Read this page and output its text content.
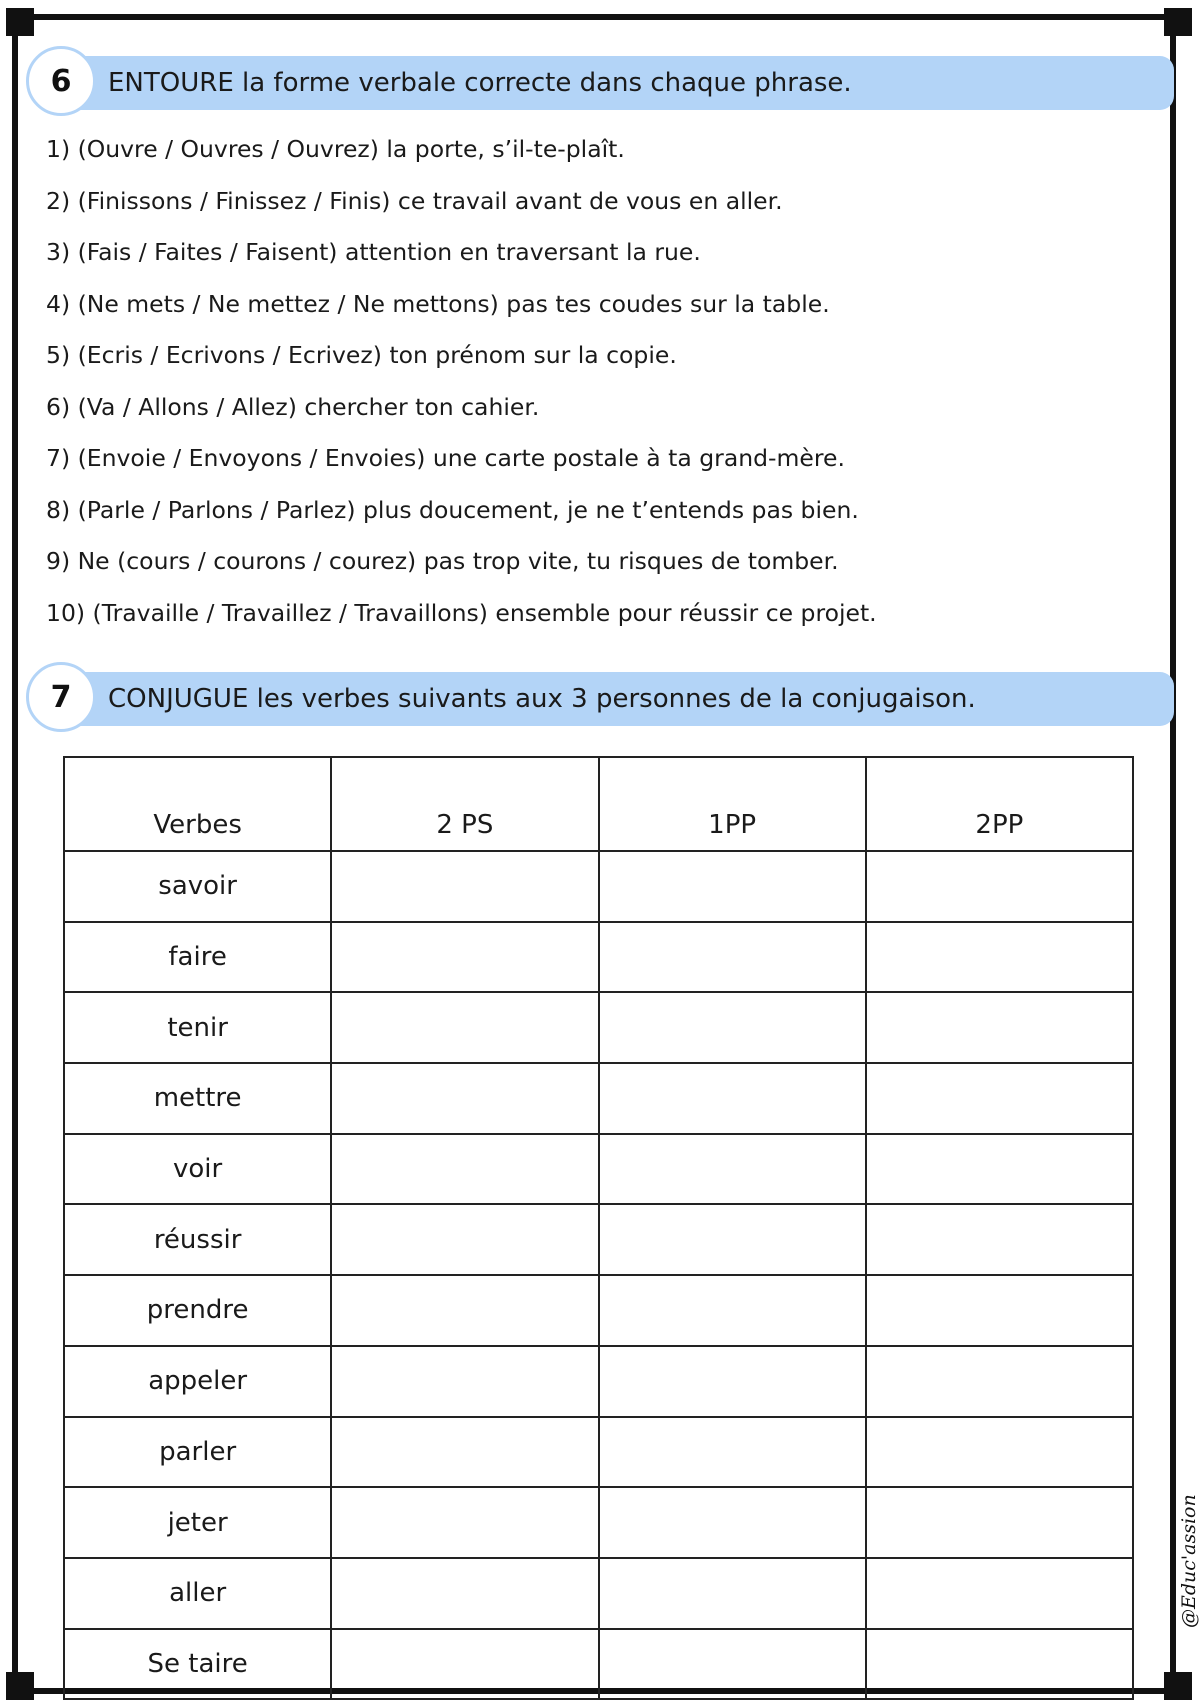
6	ENTOURE la forme verbale correcte dans chaque phrase.
1) (Ouvre / Ouvres / Ouvrez) la porte, s’il-te-plaît.
2) (Finissons / Finissez / Finis) ce travail avant de vous en aller.
3) (Fais / Faites / Faisent) attention en traversant la rue.
4) (Ne mets / Ne mettez / Ne mettons) pas tes coudes sur la table.
5) (Ecris / Ecrivons / Ecrivez) ton prénom sur la copie.
6) (Va / Allons / Allez) chercher ton cahier.
7) (Envoie / Envoyons / Envoies) une carte postale à ta grand-mère.
8) (Parle / Parlons / Parlez) plus doucement, je ne t’entends pas bien.
9) Ne (cours / courons / courez) pas trop vite, tu risques de tomber.
10) (Travaille / Travaillez / Travaillons) ensemble pour réussir ce projet.
7	CONJUGUE les verbes suivants aux 3 personnes de la conjugaison.
Verbes	2 PS	1PP	2PP
savoir			
faire			
tenir			
mettre			
voir			
réussir			
prendre			
appeler			
parler			
jeter			
aller			
Se taire			
@Educ'assion
